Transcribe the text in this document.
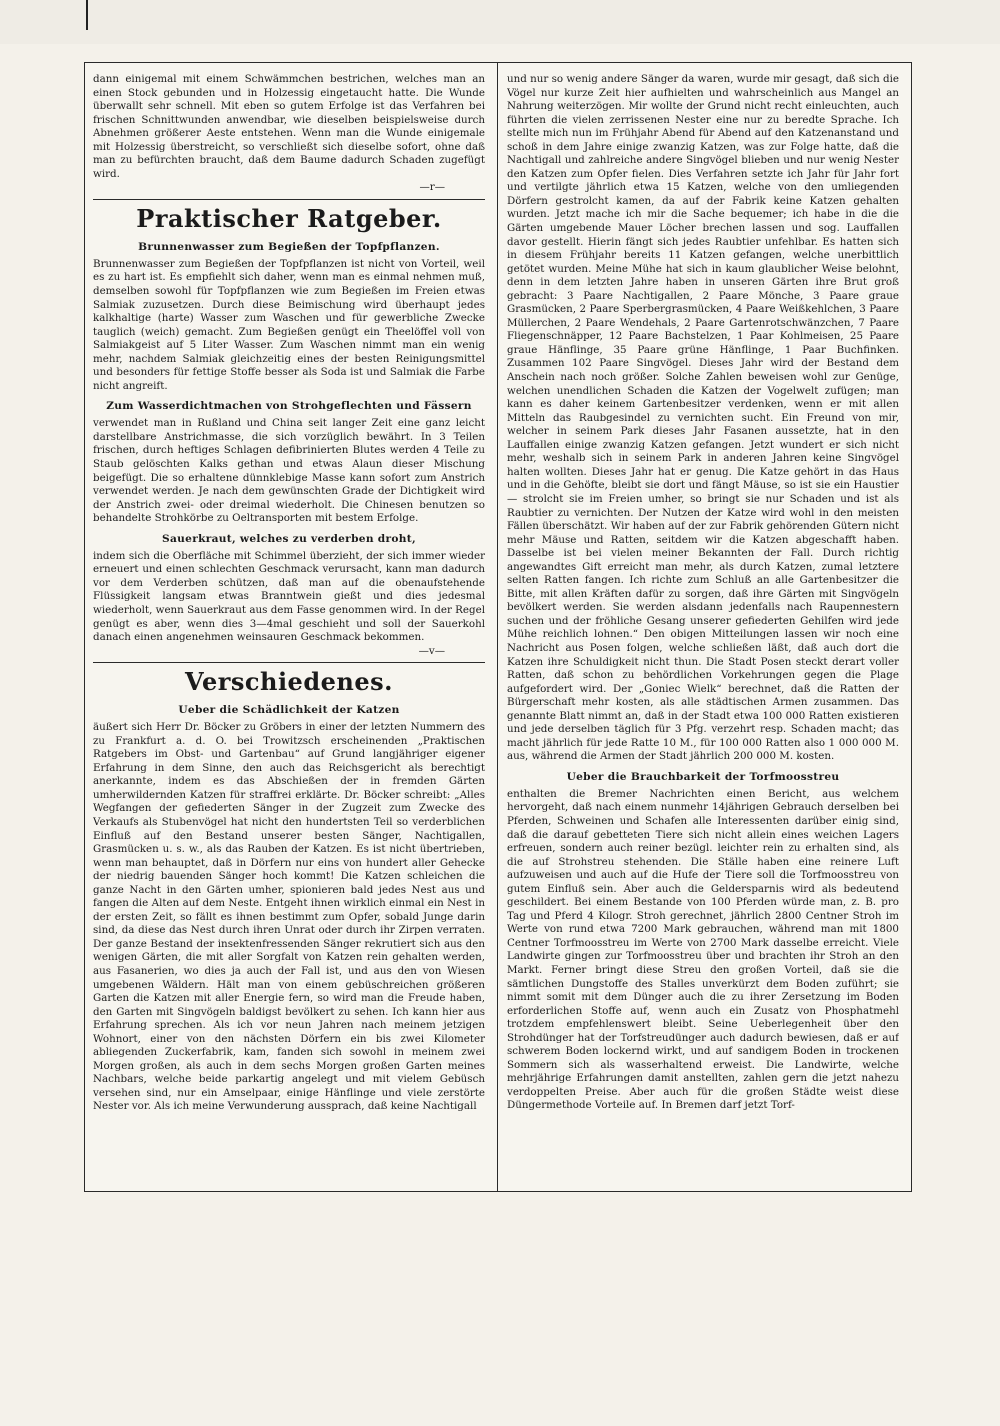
dann einigemal mit einem Schwämmchen bestrichen, welches man an einen Stock gebunden und in Holzessig eingetaucht hatte. Die Wunde überwallt sehr schnell. Mit eben so gutem Erfolge ist das Verfahren bei frischen Schnittwunden anwendbar, wie dieselben beispielsweise durch Abnehmen größerer Aeste entstehen. Wenn man die Wunde einigemale mit Holzessig überstreicht, so verschließt sich dieselbe sofort, ohne daß man zu befürchten braucht, daß dem Baume dadurch Schaden zugefügt wird.

—r—

Praktischer Ratgeber.
Brunnenwasser zum Begießen der Topfpflanzen.

Brunnenwasser zum Begießen der Topfpflanzen ist nicht von Vorteil, weil es zu hart ist. Es empfiehlt sich daher, wenn man es einmal nehmen muß, demselben sowohl für Topfpflanzen wie zum Begießen im Freien etwas Salmiak zuzusetzen. Durch diese Beimischung wird überhaupt jedes kalkhaltige (harte) Wasser zum Waschen und für gewerbliche Zwecke tauglich (weich) gemacht. Zum Begießen genügt ein Theelöffel voll von Salmiakgeist auf 5 Liter Wasser. Zum Waschen nimmt man ein wenig mehr, nachdem Salmiak gleichzeitig eines der besten Reinigungsmittel und besonders für fettige Stoffe besser als Soda ist und Salmiak die Farbe nicht angreift.

Zum Wasserdichtmachen von Strohgeflechten und Fässern

verwendet man in Rußland und China seit langer Zeit eine ganz leicht darstellbare Anstrichmasse, die sich vorzüglich bewährt. In 3 Teilen frischen, durch heftiges Schlagen defibrinierten Blutes werden 4 Teile zu Staub gelöschten Kalks gethan und etwas Alaun dieser Mischung beigefügt. Die so erhaltene dünnklebige Masse kann sofort zum Anstrich verwendet werden. Je nach dem gewünschten Grade der Dichtigkeit wird der Anstrich zwei- oder dreimal wiederholt. Die Chinesen benutzen so behandelte Strohkörbe zu Oeltransporten mit bestem Erfolge.

Sauerkraut, welches zu verderben droht,

indem sich die Oberfläche mit Schimmel überzieht, der sich immer wieder erneuert und einen schlechten Geschmack verursacht, kann man dadurch vor dem Verderben schützen, daß man auf die obenaufstehende Flüssigkeit langsam etwas Branntwein gießt und dies jedesmal wiederholt, wenn Sauerkraut aus dem Fasse genommen wird. In der Regel genügt es aber, wenn dies 3—4mal geschieht und soll der Sauerkohl danach einen angenehmen weinsauren Geschmack bekommen.

—v—

Verschiedenes.
Ueber die Schädlichkeit der Katzen

äußert sich Herr Dr. Böcker zu Gröbers in einer der letzten Nummern des zu Frankfurt a. d. O. bei Trowitzsch erscheinenden „Praktischen Ratgebers im Obst- und Gartenbau“ auf Grund langjähriger eigener Erfahrung in dem Sinne, den auch das Reichsgericht als berechtigt anerkannte, indem es das Abschießen der in fremden Gärten umherwildernden Katzen für straffrei erklärte. Dr. Böcker schreibt: „Alles Wegfangen der gefiederten Sänger in der Zugzeit zum Zwecke des Verkaufs als Stubenvögel hat nicht den hundertsten Teil so verderblichen Einfluß auf den Bestand unserer besten Sänger, Nachtigallen, Grasmücken u. s. w., als das Rauben der Katzen. Es ist nicht übertrieben, wenn man behauptet, daß in Dörfern nur eins von hundert aller Gehecke der niedrig bauenden Sänger hoch kommt! Die Katzen schleichen die ganze Nacht in den Gärten umher, spionieren bald jedes Nest aus und fangen die Alten auf dem Neste. Entgeht ihnen wirklich einmal ein Nest in der ersten Zeit, so fällt es ihnen bestimmt zum Opfer, sobald Junge darin sind, da diese das Nest durch ihren Unrat oder durch ihr Zirpen verraten. Der ganze Bestand der insektenfressenden Sänger rekrutiert sich aus den wenigen Gärten, die mit aller Sorgfalt von Katzen rein gehalten werden, aus Fasanerien, wo dies ja auch der Fall ist, und aus den von Wiesen umgebenen Wäldern. Hält man von einem gebüschreichen größeren Garten die Katzen mit aller Energie fern, so wird man die Freude haben, den Garten mit Singvögeln baldigst bevölkert zu sehen. Ich kann hier aus Erfahrung sprechen. Als ich vor neun Jahren nach meinem jetzigen Wohnort, einer von den nächsten Dörfern ein bis zwei Kilometer abliegenden Zuckerfabrik, kam, fanden sich sowohl in meinem zwei Morgen großen, als auch in dem sechs Morgen großen Garten meines Nachbars, welche beide parkartig angelegt und mit vielem Gebüsch versehen sind, nur ein Amselpaar, einige Hänflinge und viele zerstörte Nester vor. Als ich meine Verwunderung aussprach, daß keine Nachtigall

und nur so wenig andere Sänger da waren, wurde mir gesagt, daß sich die Vögel nur kurze Zeit hier aufhielten und wahrscheinlich aus Mangel an Nahrung weiterzögen. Mir wollte der Grund nicht recht einleuchten, auch führten die vielen zerrissenen Nester eine nur zu beredte Sprache. Ich stellte mich nun im Frühjahr Abend für Abend auf den Katzenanstand und schoß in dem Jahre einige zwanzig Katzen, was zur Folge hatte, daß die Nachtigall und zahlreiche andere Singvögel blieben und nur wenig Nester den Katzen zum Opfer fielen. Dies Verfahren setzte ich Jahr für Jahr fort und vertilgte jährlich etwa 15 Katzen, welche von den umliegenden Dörfern gestrolcht kamen, da auf der Fabrik keine Katzen gehalten wurden. Jetzt mache ich mir die Sache bequemer; ich habe in die die Gärten umgebende Mauer Löcher brechen lassen und sog. Lauffallen davor gestellt. Hierin fängt sich jedes Raubtier unfehlbar. Es hatten sich in diesem Frühjahr bereits 11 Katzen gefangen, welche unerbittlich getötet wurden. Meine Mühe hat sich in kaum glaublicher Weise belohnt, denn in dem letzten Jahre haben in unseren Gärten ihre Brut groß gebracht: 3 Paare Nachtigallen, 2 Paare Mönche, 3 Paare graue Grasmücken, 2 Paare Sperbergrasmücken, 4 Paare Weißkehlchen, 3 Paare Müllerchen, 2 Paare Wendehals, 2 Paare Gartenrotschwänzchen, 7 Paare Fliegenschnäpper, 12 Paare Bachstelzen, 1 Paar Kohlmeisen, 25 Paare graue Hänflinge, 35 Paare grüne Hänflinge, 1 Paar Buchfinken. Zusammen 102 Paare Singvögel. Dieses Jahr wird der Bestand dem Anschein nach noch größer. Solche Zahlen beweisen wohl zur Genüge, welchen unendlichen Schaden die Katzen der Vogelwelt zufügen; man kann es daher keinem Gartenbesitzer verdenken, wenn er mit allen Mitteln das Raubgesindel zu vernichten sucht. Ein Freund von mir, welcher in seinem Park dieses Jahr Fasanen aussetzte, hat in den Lauffallen einige zwanzig Katzen gefangen. Jetzt wundert er sich nicht mehr, weshalb sich in seinem Park in anderen Jahren keine Singvögel halten wollten. Dieses Jahr hat er genug. Die Katze gehört in das Haus und in die Gehöfte, bleibt sie dort und fängt Mäuse, so ist sie ein Haustier — strolcht sie im Freien umher, so bringt sie nur Schaden und ist als Raubtier zu vernichten. Der Nutzen der Katze wird wohl in den meisten Fällen überschätzt. Wir haben auf der zur Fabrik gehörenden Gütern nicht mehr Mäuse und Ratten, seitdem wir die Katzen abgeschafft haben. Dasselbe ist bei vielen meiner Bekannten der Fall. Durch richtig angewandtes Gift erreicht man mehr, als durch Katzen, zumal letztere selten Ratten fangen. Ich richte zum Schluß an alle Gartenbesitzer die Bitte, mit allen Kräften dafür zu sorgen, daß ihre Gärten mit Singvögeln bevölkert werden. Sie werden alsdann jedenfalls nach Raupennestern suchen und der fröhliche Gesang unserer gefiederten Gehilfen wird jede Mühe reichlich lohnen.“ Den obigen Mitteilungen lassen wir noch eine Nachricht aus Posen folgen, welche schließen läßt, daß auch dort die Katzen ihre Schuldigkeit nicht thun. Die Stadt Posen steckt derart voller Ratten, daß schon zu behördlichen Vorkehrungen gegen die Plage aufgefordert wird. Der „Goniec Wielk“ berechnet, daß die Ratten der Bürgerschaft mehr kosten, als alle städtischen Armen zusammen. Das genannte Blatt nimmt an, daß in der Stadt etwa 100 000 Ratten existieren und jede derselben täglich für 3 Pfg. verzehrt resp. Schaden macht; das macht jährlich für jede Ratte 10 M., für 100 000 Ratten also 1 000 000 M. aus, während die Armen der Stadt jährlich 200 000 M. kosten.

Ueber die Brauchbarkeit der Torfmoosstreu

enthalten die Bremer Nachrichten einen Bericht, aus welchem hervorgeht, daß nach einem nunmehr 14jährigen Gebrauch derselben bei Pferden, Schweinen und Schafen alle Interessenten darüber einig sind, daß die darauf gebetteten Tiere sich nicht allein eines weichen Lagers erfreuen, sondern auch reiner bezügl. leichter rein zu erhalten sind, als die auf Strohstreu stehenden. Die Ställe haben eine reinere Luft aufzuweisen und auch auf die Hufe der Tiere soll die Torfmoosstreu von gutem Einfluß sein. Aber auch die Geldersparnis wird als bedeutend geschildert. Bei einem Bestande von 100 Pferden würde man, z. B. pro Tag und Pferd 4 Kilogr. Stroh gerechnet, jährlich 2800 Centner Stroh im Werte von rund etwa 7200 Mark gebrauchen, während man mit 1800 Centner Torfmoosstreu im Werte von 2700 Mark dasselbe erreicht. Viele Landwirte gingen zur Torfmoosstreu über und brachten ihr Stroh an den Markt. Ferner bringt diese Streu den großen Vorteil, daß sie die sämtlichen Dungstoffe des Stalles unverkürzt dem Boden zuführt; sie nimmt somit mit dem Dünger auch die zu ihrer Zersetzung im Boden erforderlichen Stoffe auf, wenn auch ein Zusatz von Phosphatmehl trotzdem empfehlenswert bleibt. Seine Ueberlegenheit über den Strohdünger hat der Torfstreudünger auch dadurch bewiesen, daß er auf schwerem Boden lockernd wirkt, und auf sandigem Boden in trockenen Sommern sich als wasserhaltend erweist. Die Landwirte, welche mehrjährige Erfahrungen damit anstellten, zahlen gern die jetzt nahezu verdoppelten Preise. Aber auch für die großen Städte weist diese Düngermethode Vorteile auf. In Bremen darf jetzt Torf-
